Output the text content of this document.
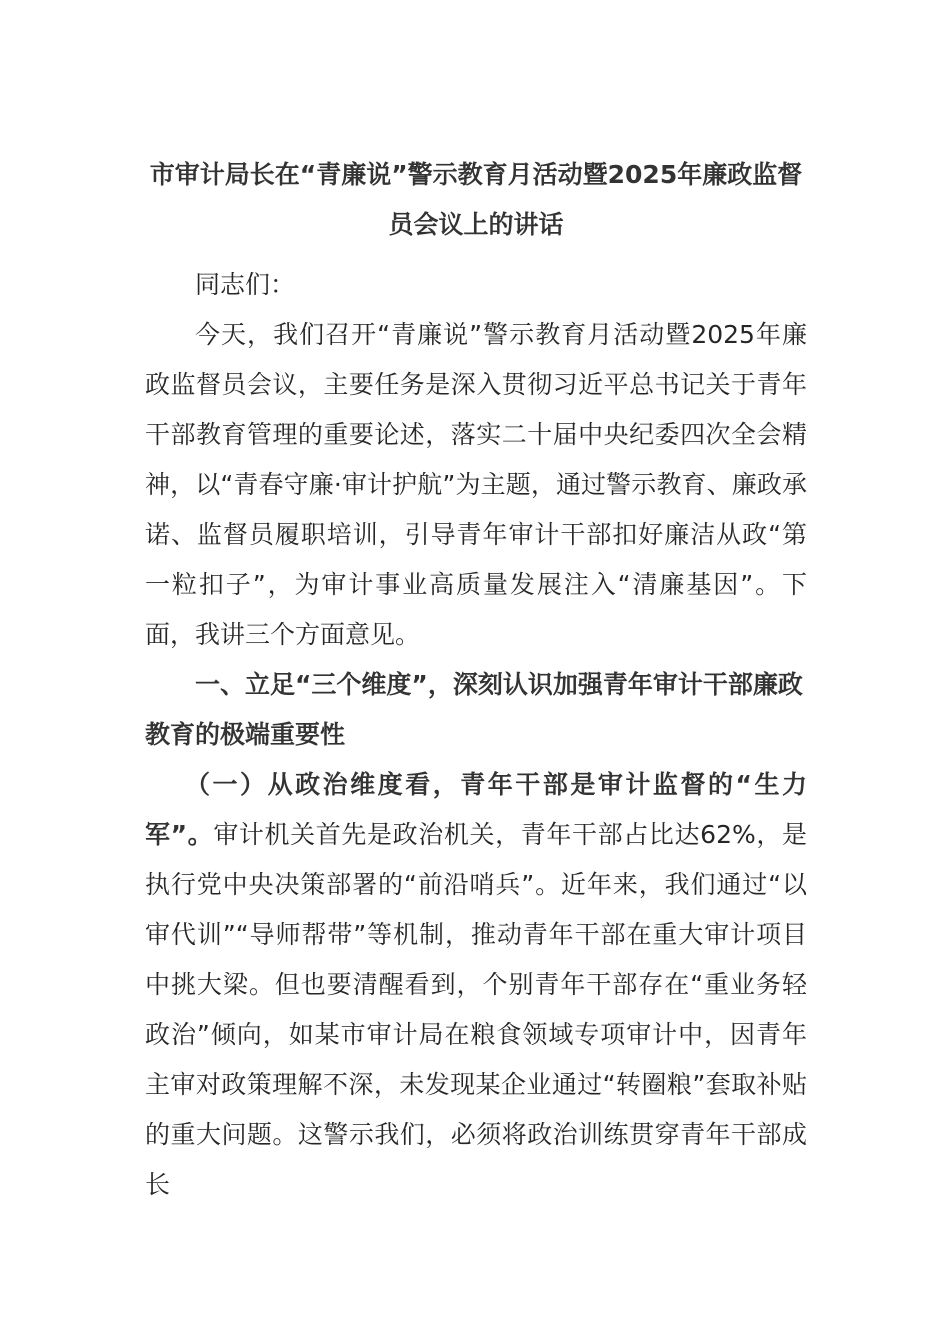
市审计局长在“青廉说”警示教育月活动暨2025年廉政监督员会议上的讲话

同志们：

今天，我们召开“青廉说”警示教育月活动暨2025年廉政监督员会议，主要任务是深入贯彻习近平总书记关于青年干部教育管理的重要论述，落实二十届中央纪委四次全会精神，以“青春守廉·审计护航”为主题，通过警示教育、廉政承诺、监督员履职培训，引导青年审计干部扣好廉洁从政“第一粒扣子”，为审计事业高质量发展注入“清廉基因”。下面，我讲三个方面意见。

一、立足“三个维度”，深刻认识加强青年审计干部廉政教育的极端重要性

（一）从政治维度看，青年干部是审计监督的“生力军”。审计机关首先是政治机关，青年干部占比达62%，是执行党中央决策部署的“前沿哨兵”。近年来，我们通过“以审代训”“导师帮带”等机制，推动青年干部在重大审计项目中挑大梁。但也要清醒看到，个别青年干部存在“重业务轻政治”倾向，如某市审计局在粮食领域专项审计中，因青年主审对政策理解不深，未发现某企业通过“转圈粮”套取补贴的重大问题。这警示我们，必须将政治训练贯穿青年干部成长
